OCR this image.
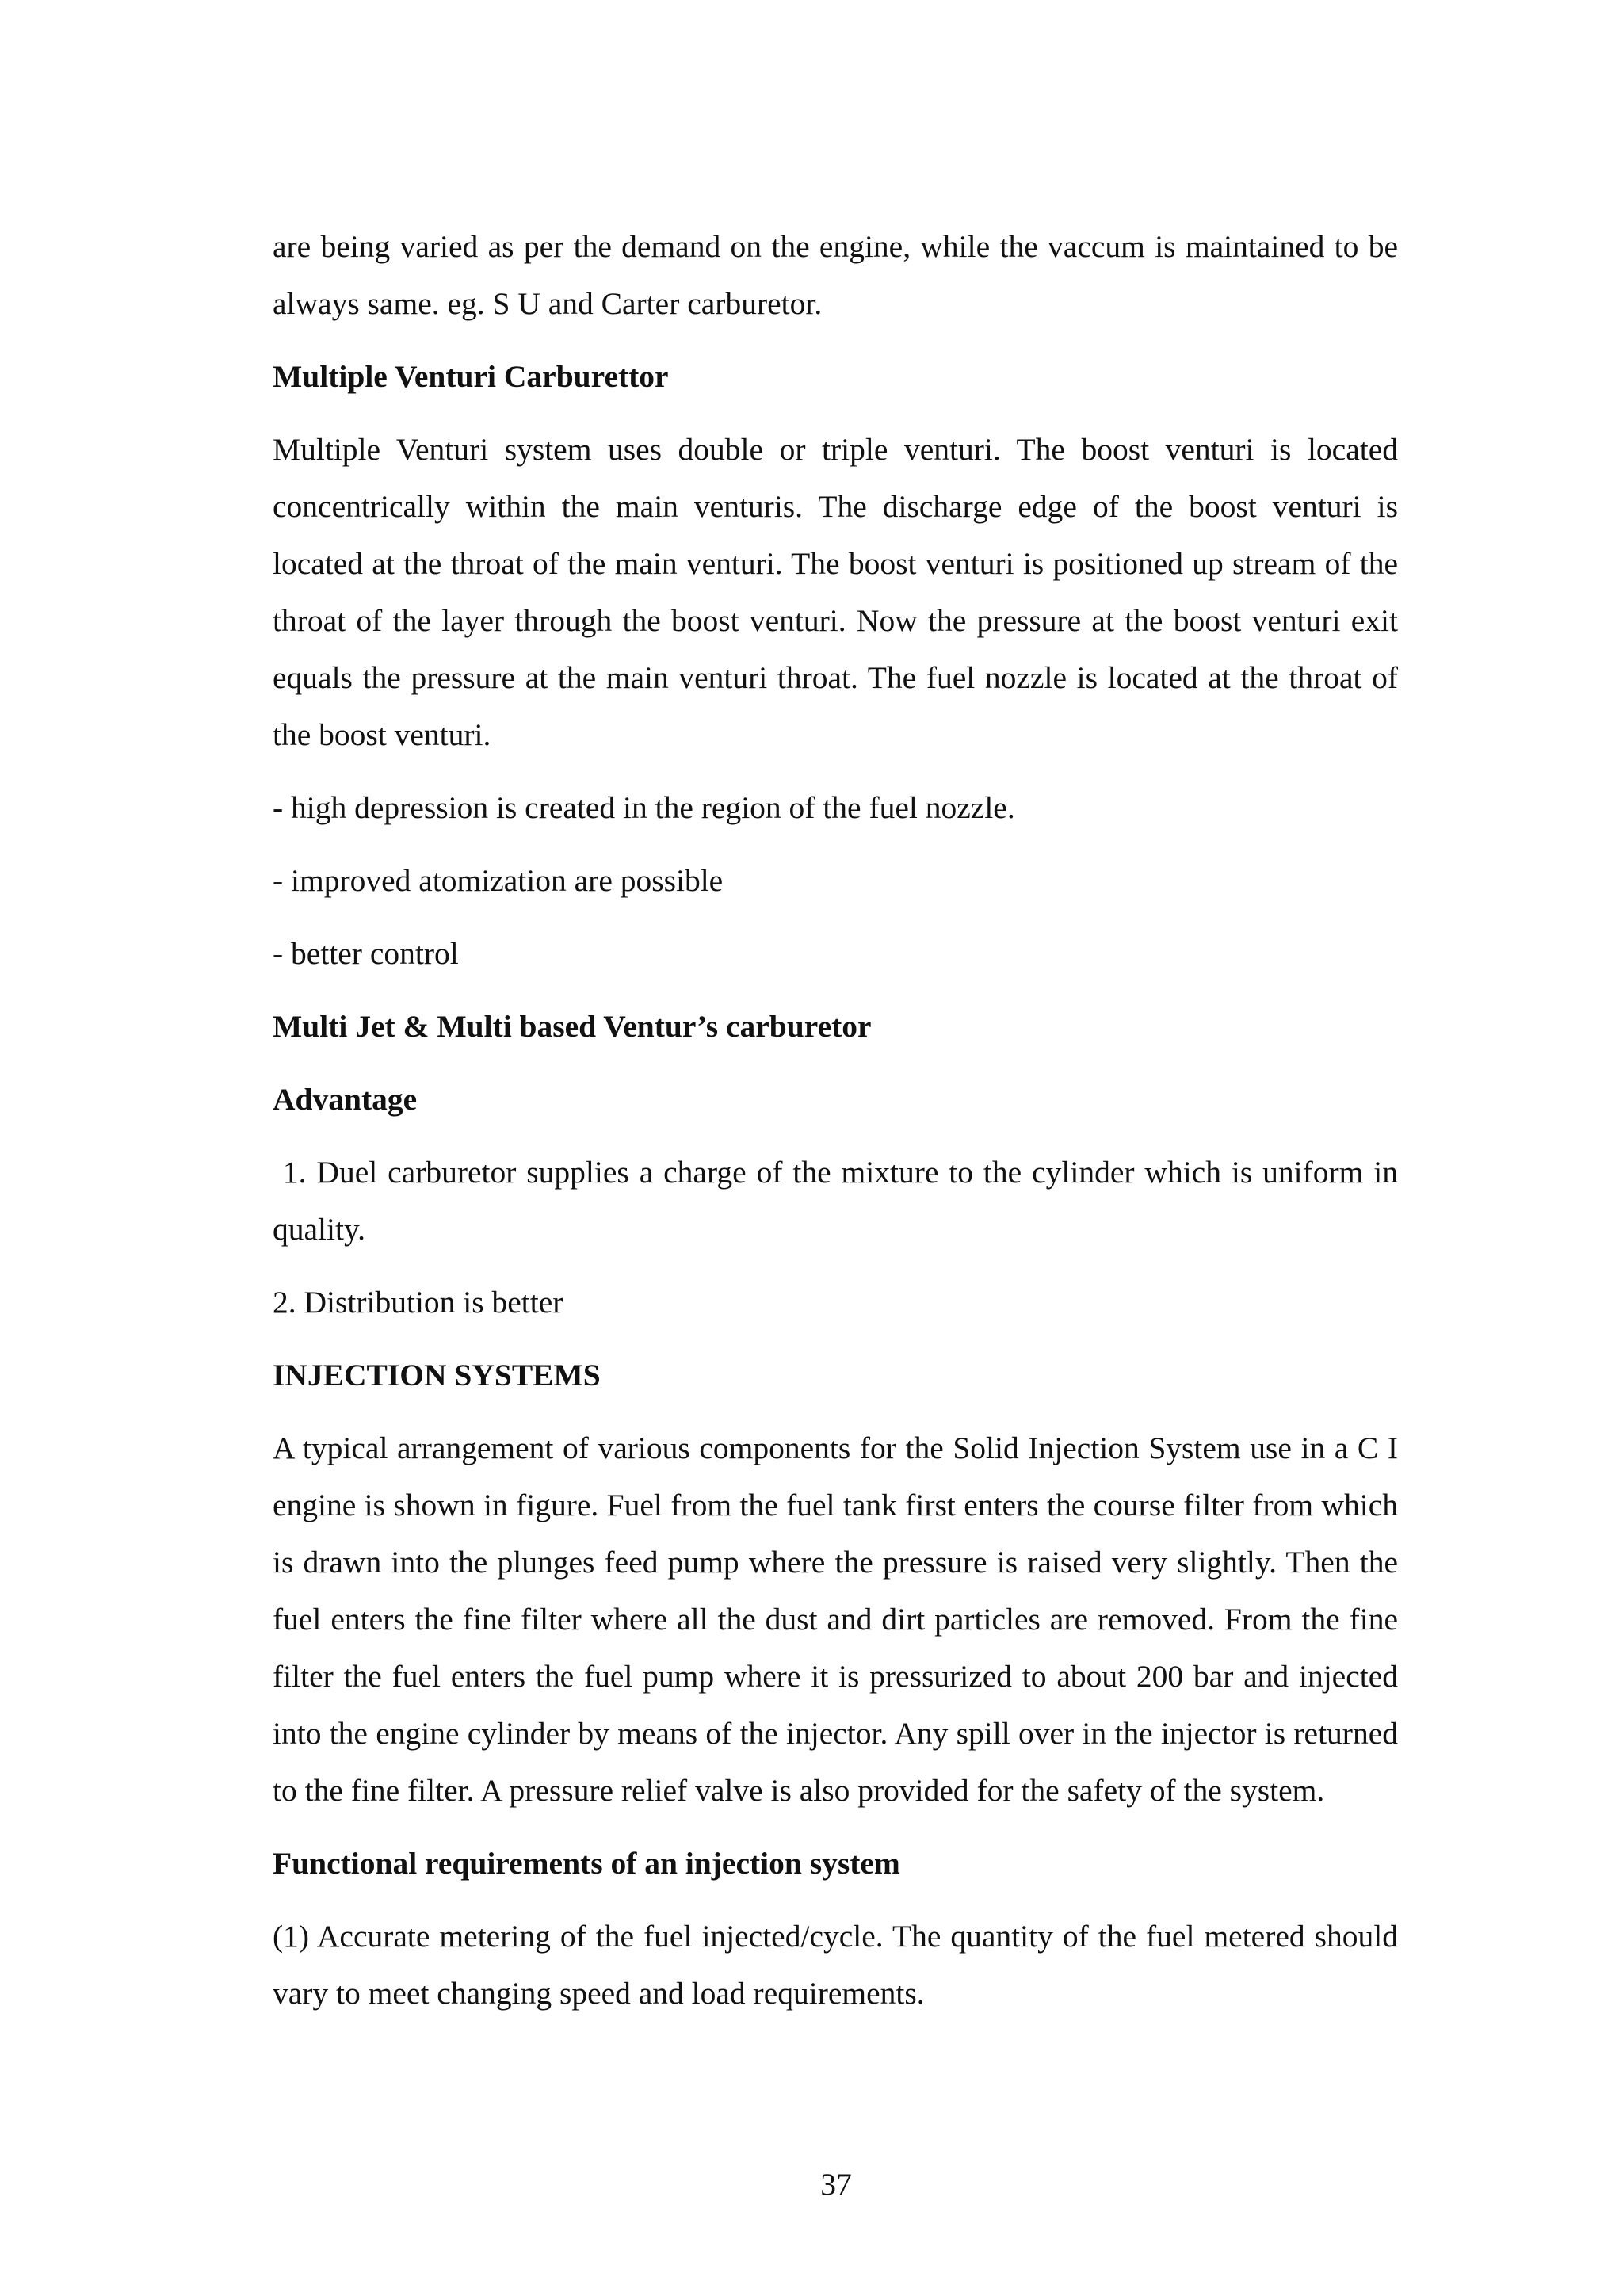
are being varied as per the demand on the engine, while the vaccum is maintained to be always same. eg. S U and Carter carburetor.

Multiple Venturi Carburettor

Multiple Venturi system uses double or triple venturi. The boost venturi is located concentrically within the main venturis. The discharge edge of the boost venturi is located at the throat of the main venturi. The boost venturi is positioned up stream of the throat of the layer through the boost venturi. Now the pressure at the boost venturi exit equals the pressure at the main venturi throat. The fuel nozzle is located at the throat of the boost venturi.

- high depression is created in the region of the fuel nozzle.

- improved atomization are possible

- better control

Multi Jet & Multi based Ventur’s carburetor

Advantage

1. Duel carburetor supplies a charge of the mixture to the cylinder which is uniform in quality.

2. Distribution is better

INJECTION SYSTEMS

A typical arrangement of various components for the Solid Injection System use in a C I engine is shown in figure. Fuel from the fuel tank first enters the course filter from which is drawn into the plunges feed pump where the pressure is raised very slightly. Then the fuel enters the fine filter where all the dust and dirt particles are removed. From the fine filter the fuel enters the fuel pump where it is pressurized to about 200 bar and injected into the engine cylinder by means of the injector. Any spill over in the injector is returned to the fine filter. A pressure relief valve is also provided for the safety of the system.

Functional requirements of an injection system

(1) Accurate metering of the fuel injected/cycle. The quantity of the fuel metered should vary to meet changing speed and load requirements.

37
